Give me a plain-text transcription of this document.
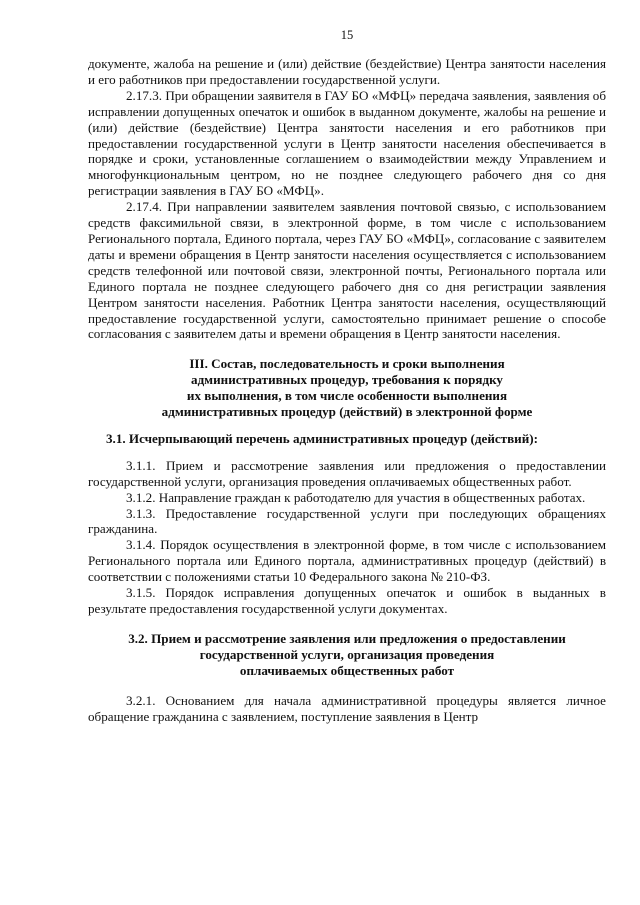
15

документе, жалоба на решение и (или) действие (бездействие) Центра занятости населения и его работников при предоставлении государственной услуги.

2.17.3. При обращении заявителя в ГАУ БО «МФЦ» передача заявления, заявления об исправлении допущенных опечаток и ошибок в выданном документе, жалобы на решение и (или) действие (бездействие) Центра занятости населения и его работников при предоставлении государственной услуги в Центр занятости населения обеспечивается в порядке и сроки, установленные соглашением о взаимодействии между Управлением и многофункциональным центром, но не позднее следующего рабочего дня со дня регистрации заявления в ГАУ БО «МФЦ».

2.17.4. При направлении заявителем заявления почтовой связью, с использованием средств факсимильной связи, в электронной форме, в том числе с использованием Регионального портала, Единого портала, через ГАУ БО «МФЦ», согласование с заявителем даты и времени обращения в Центр занятости населения осуществляется с использованием средств телефонной или почтовой связи, электронной почты, Регионального портала или Единого портала не позднее следующего рабочего дня со дня регистрации заявления Центром занятости населения. Работник Центра занятости населения, осуществляющий предоставление государственной услуги, самостоятельно принимает решение о способе согласования с заявителем даты и времени обращения в Центр занятости населения.

III. Состав, последовательность и сроки выполнения
административных процедур, требования к порядку
их выполнения, в том числе особенности выполнения
административных процедур (действий) в электронной форме
3.1. Исчерпывающий перечень административных процедур (действий):

3.1.1. Прием и рассмотрение заявления или предложения о предоставлении государственной услуги, организация проведения оплачиваемых общественных работ.

3.1.2. Направление граждан к работодателю для участия в общественных работах.

3.1.3. Предоставление государственной услуги при последующих обращениях гражданина.

3.1.4. Порядок осуществления в электронной форме, в том числе с использованием Регионального портала или Единого портала, административных процедур (действий) в соответствии с положениями статьи 10 Федерального закона № 210-ФЗ.

3.1.5. Порядок исправления допущенных опечаток и ошибок в выданных в результате предоставления государственной услуги документах.

3.2. Прием и рассмотрение заявления или предложения о предоставлении
государственной услуги, организация проведения
оплачиваемых общественных работ

3.2.1. Основанием для начала административной процедуры является личное обращение гражданина с заявлением, поступление заявления в Центр
